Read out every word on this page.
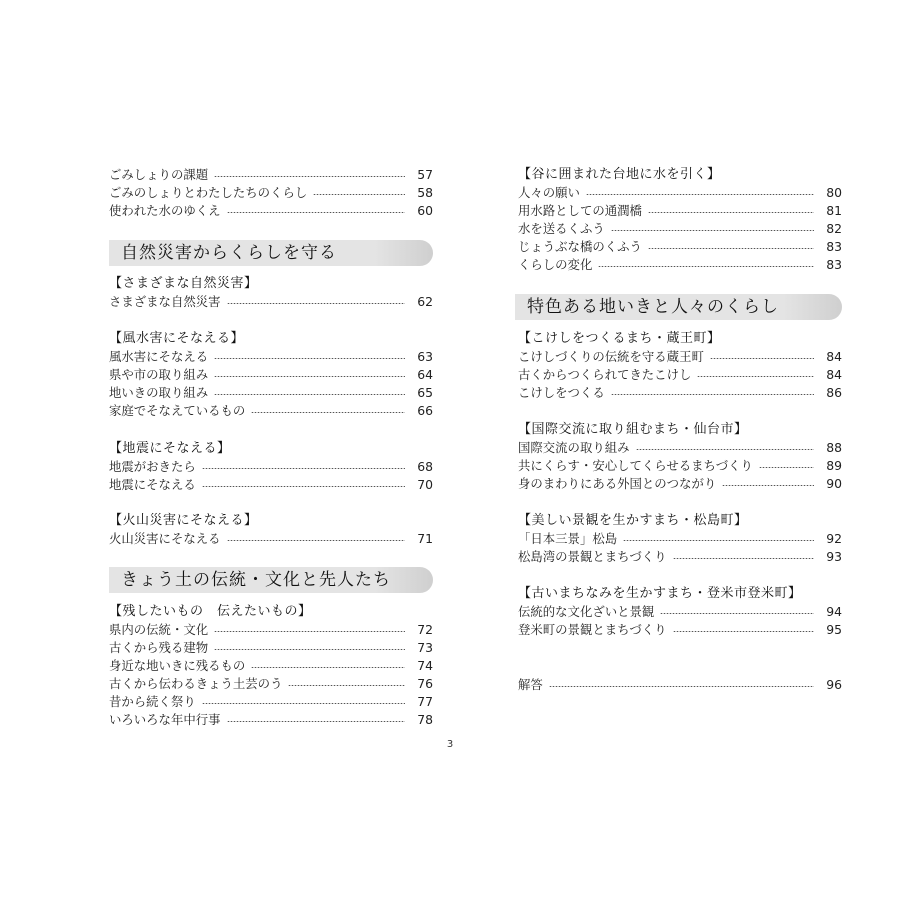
ごみしょりの課題	57
ごみのしょりとわたしたちのくらし	58
使われた水のゆくえ	60
自然災害からくらしを守る
【さまざまな自然災害】
さまざまな自然災害	62
【風水害にそなえる】
風水害にそなえる	63
県や市の取り組み	64
地いきの取り組み	65
家庭でそなえているもの	66
【地震にそなえる】
地震がおきたら	68
地震にそなえる	70
【火山災害にそなえる】
火山災害にそなえる	71
きょう土の伝統・文化と先人たち
【残したいもの　伝えたいもの】
県内の伝統・文化	72
古くから残る建物	73
身近な地いきに残るもの	74
古くから伝わるきょう土芸のう	76
昔から続く祭り	77
いろいろな年中行事	78
【谷に囲まれた台地に水を引く】
人々の願い	80
用水路としての通潤橋	81
水を送るくふう	82
じょうぶな橋のくふう	83
くらしの変化	83
特色ある地いきと人々のくらし
【こけしをつくるまち・蔵王町】
こけしづくりの伝統を守る蔵王町	84
古くからつくられてきたこけし	84
こけしをつくる	86
【国際交流に取り組むまち・仙台市】
国際交流の取り組み	88
共にくらす・安心してくらせるまちづくり	89
身のまわりにある外国とのつながり	90
【美しい景観を生かすまち・松島町】
「日本三景」松島	92
松島湾の景観とまちづくり	93
【古いまちなみを生かすまち・登米市登米町】
伝統的な文化ざいと景観	94
登米町の景観とまちづくり	95
解答	96
3
